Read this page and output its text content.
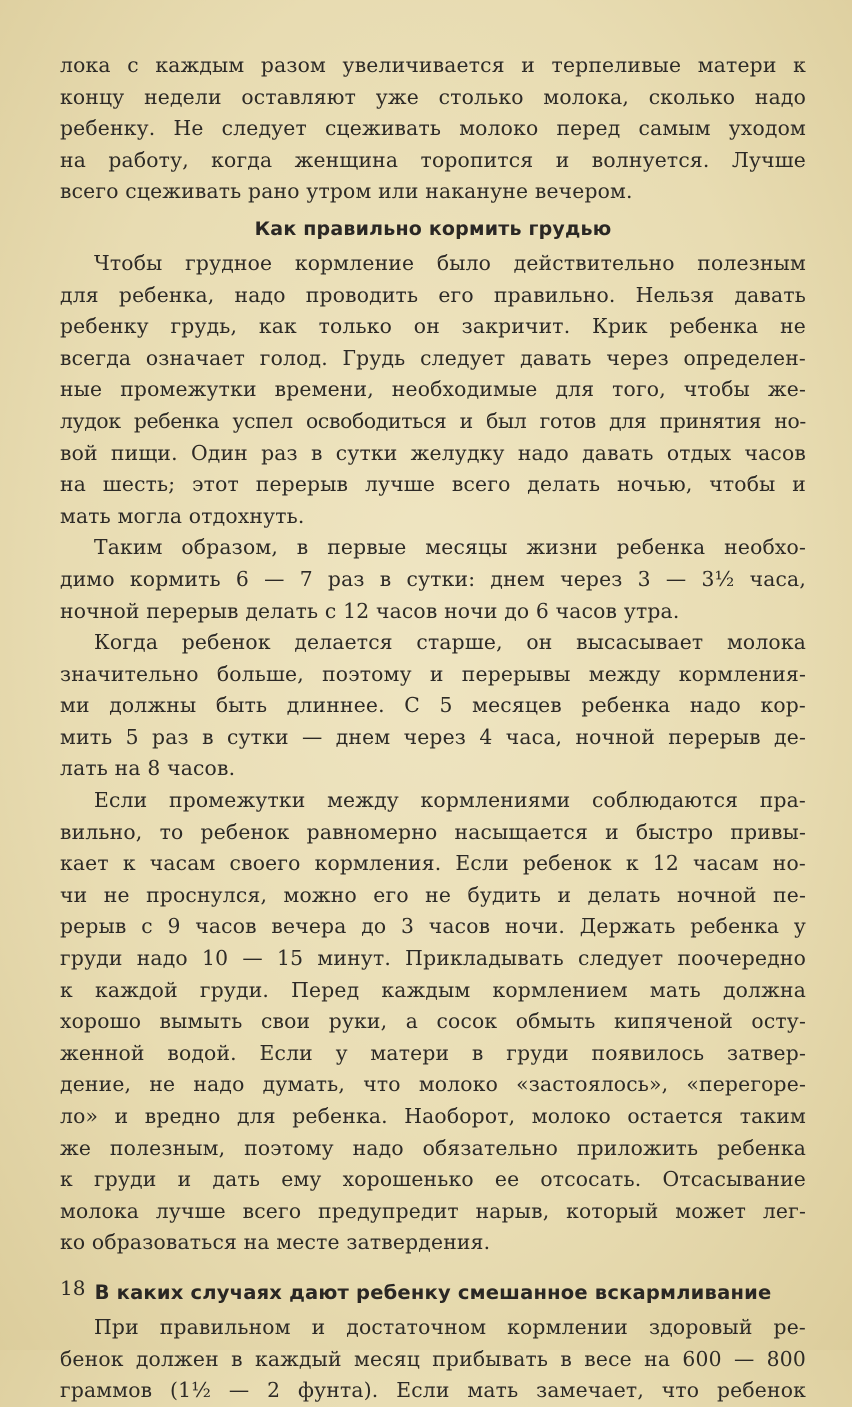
лока с каждым разом увеличивается и терпеливые матери к
концу недели оставляют уже столько молока, сколько надо
ребенку. Не следует сцеживать молоко перед самым уходом
на работу, когда женщина торопится и волнуется. Лучше
всего сцеживать рано утром или накануне вечером.

Как правильно кормить грудью

Чтобы грудное кормление было действительно полезным
для ребенка, надо проводить его правильно. Нельзя давать
ребенку грудь, как только он закричит. Крик ребенка не
всегда означает голод. Грудь следует давать через определен-
ные промежутки времени, необходимые для того, чтобы же-
лудок ребенка успел освободиться и был готов для принятия но-
вой пищи. Один раз в сутки желудку надо давать отдых часов
на шесть; этот перерыв лучше всего делать ночью, чтобы и
мать могла отдохнуть.

Таким образом, в первые месяцы жизни ребенка необхо-
димо кормить 6 — 7 раз в сутки: днем через 3 — 3½ часа,
ночной перерыв делать с 12 часов ночи до 6 часов утра.

Когда ребенок делается старше, он высасывает молока
значительно больше, поэтому и перерывы между кормления-
ми должны быть длиннее. С 5 месяцев ребенка надо кор-
мить 5 раз в сутки — днем через 4 часа, ночной перерыв де-
лать на 8 часов.

Если промежутки между кормлениями соблюдаются пра-
вильно, то ребенок равномерно насыщается и быстро привы-
кает к часам своего кормления. Если ребенок к 12 часам но-
чи не проснулся, можно его не будить и делать ночной пе-
рерыв с 9 часов вечера до 3 часов ночи. Держать ребенка у
груди надо 10 — 15 минут. Прикладывать следует поочередно
к каждой груди. Перед каждым кормлением мать должна
хорошо вымыть свои руки, а сосок обмыть кипяченой осту-
женной водой. Если у матери в груди появилось затвер-
дение, не надо думать, что молоко «застоялось», «перегоре-
ло» и вредно для ребенка. Наоборот, молоко остается таким
же полезным, поэтому надо обязательно приложить ребенка
к груди и дать ему хорошенько ее отсосать. Отсасывание
молока лучше всего предупредит нарыв, который может лег-
ко образоваться на месте затвердения.

В каких случаях дают ребенку смешанное вскармливание

При правильном и достаточном кормлении здоровый ре-
бенок должен в каждый месяц прибывать в весе на 600 — 800
граммов (1½ — 2 фунта). Если мать замечает, что ребенок

18
